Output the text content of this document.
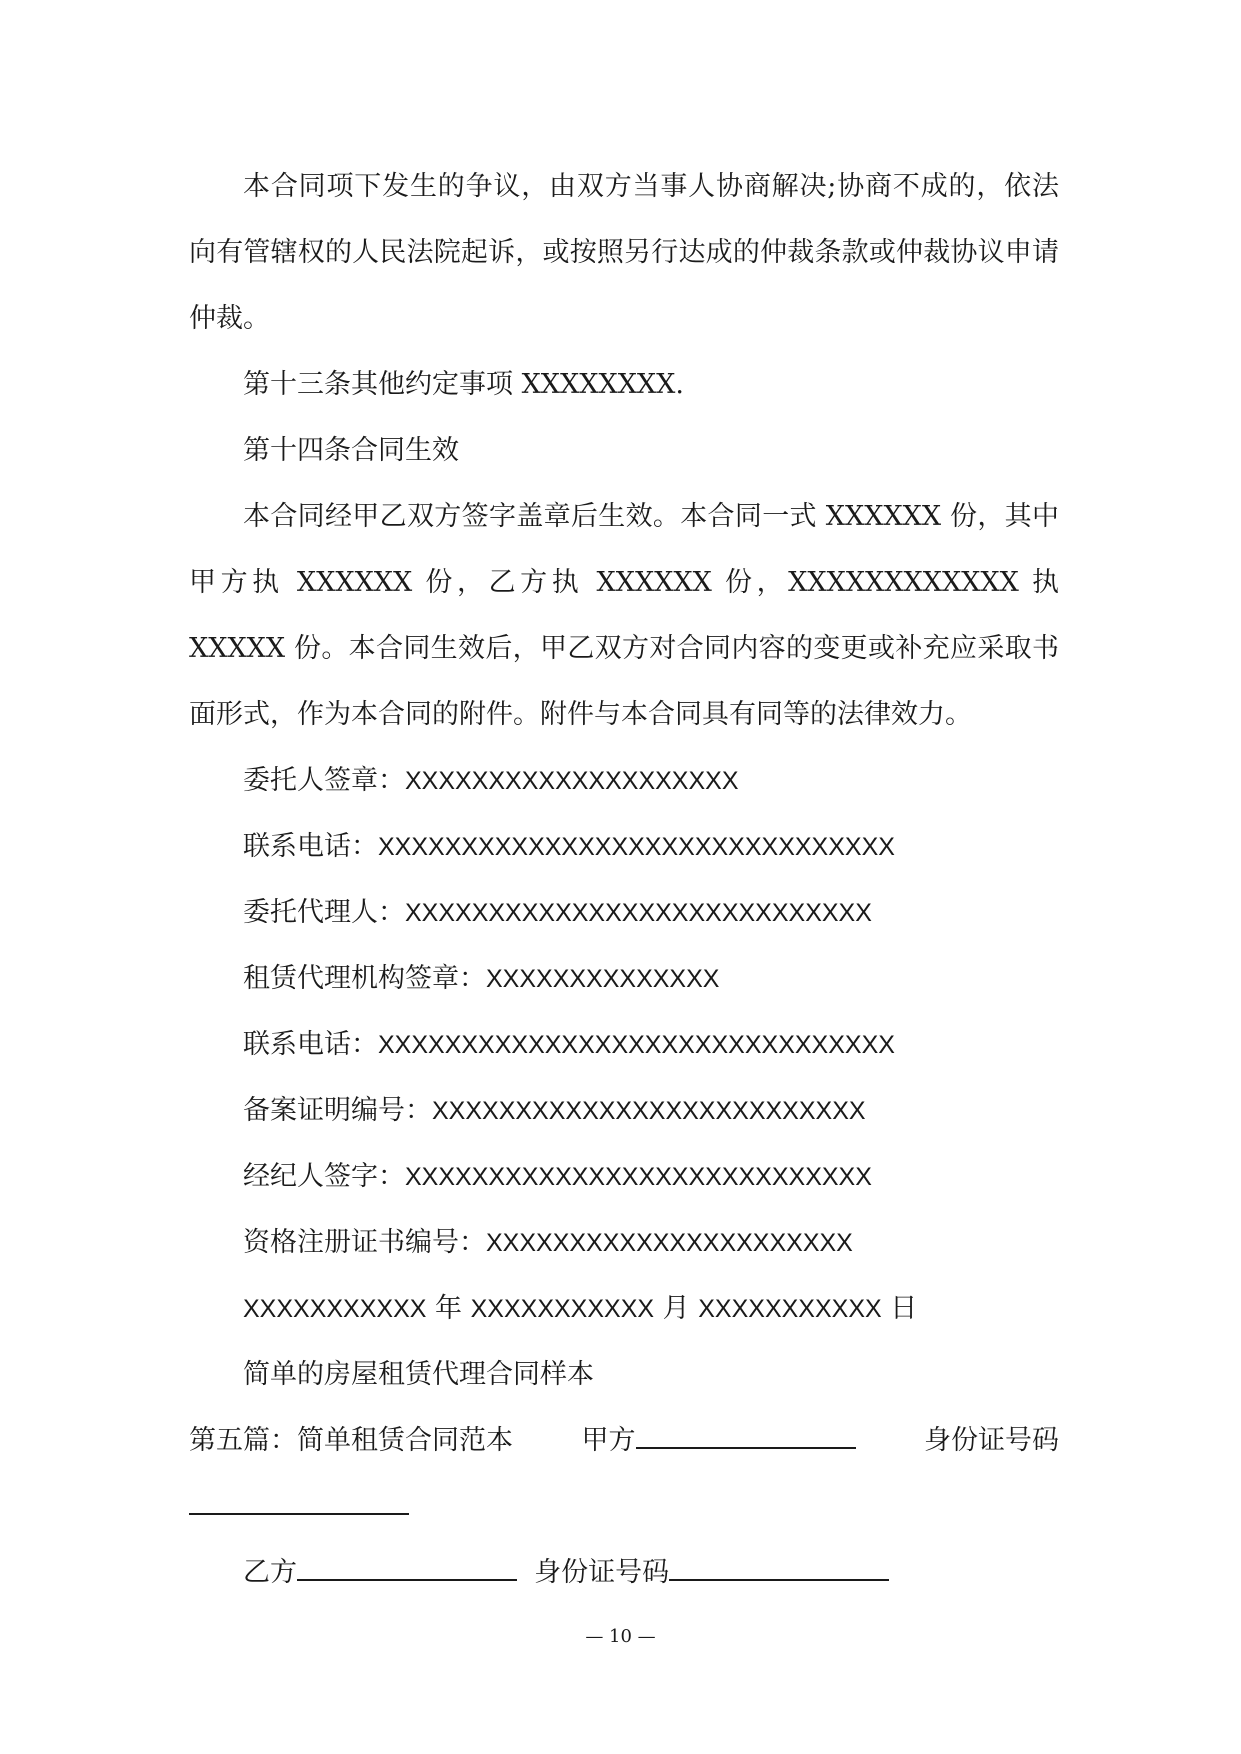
本合同项下发生的争议，由双方当事人协商解决;协商不成的，依法向有管辖权的人民法院起诉，或按照另行达成的仲裁条款或仲裁协议申请仲裁。

第十三条其他约定事项 XXXXXXXX.

第十四条合同生效

本合同经甲乙双方签字盖章后生效。本合同一式 XXXXXX 份，其中甲方执 XXXXXX 份，乙方执 XXXXXX 份，XXXXXXXXXXXX 执 XXXXX 份。本合同生效后，甲乙双方对合同内容的变更或补充应采取书面形式，作为本合同的附件。附件与本合同具有同等的法律效力。

委托人签章：XXXXXXXXXXXXXXXXXXXX

联系电话：XXXXXXXXXXXXXXXXXXXXXXXXXXXXXXX

委托代理人：XXXXXXXXXXXXXXXXXXXXXXXXXXXX

租赁代理机构签章：XXXXXXXXXXXXXX

联系电话：XXXXXXXXXXXXXXXXXXXXXXXXXXXXXXX

备案证明编号：XXXXXXXXXXXXXXXXXXXXXXXXXX

经纪人签字：XXXXXXXXXXXXXXXXXXXXXXXXXXXX

资格注册证书编号：XXXXXXXXXXXXXXXXXXXXXX

XXXXXXXXXXX 年 XXXXXXXXXXX 月 XXXXXXXXXXX 日

简单的房屋租赁代理合同样本

第五篇：简单租赁合同范本	甲方	身份证号码

乙方	身份证号码

— 10 —
